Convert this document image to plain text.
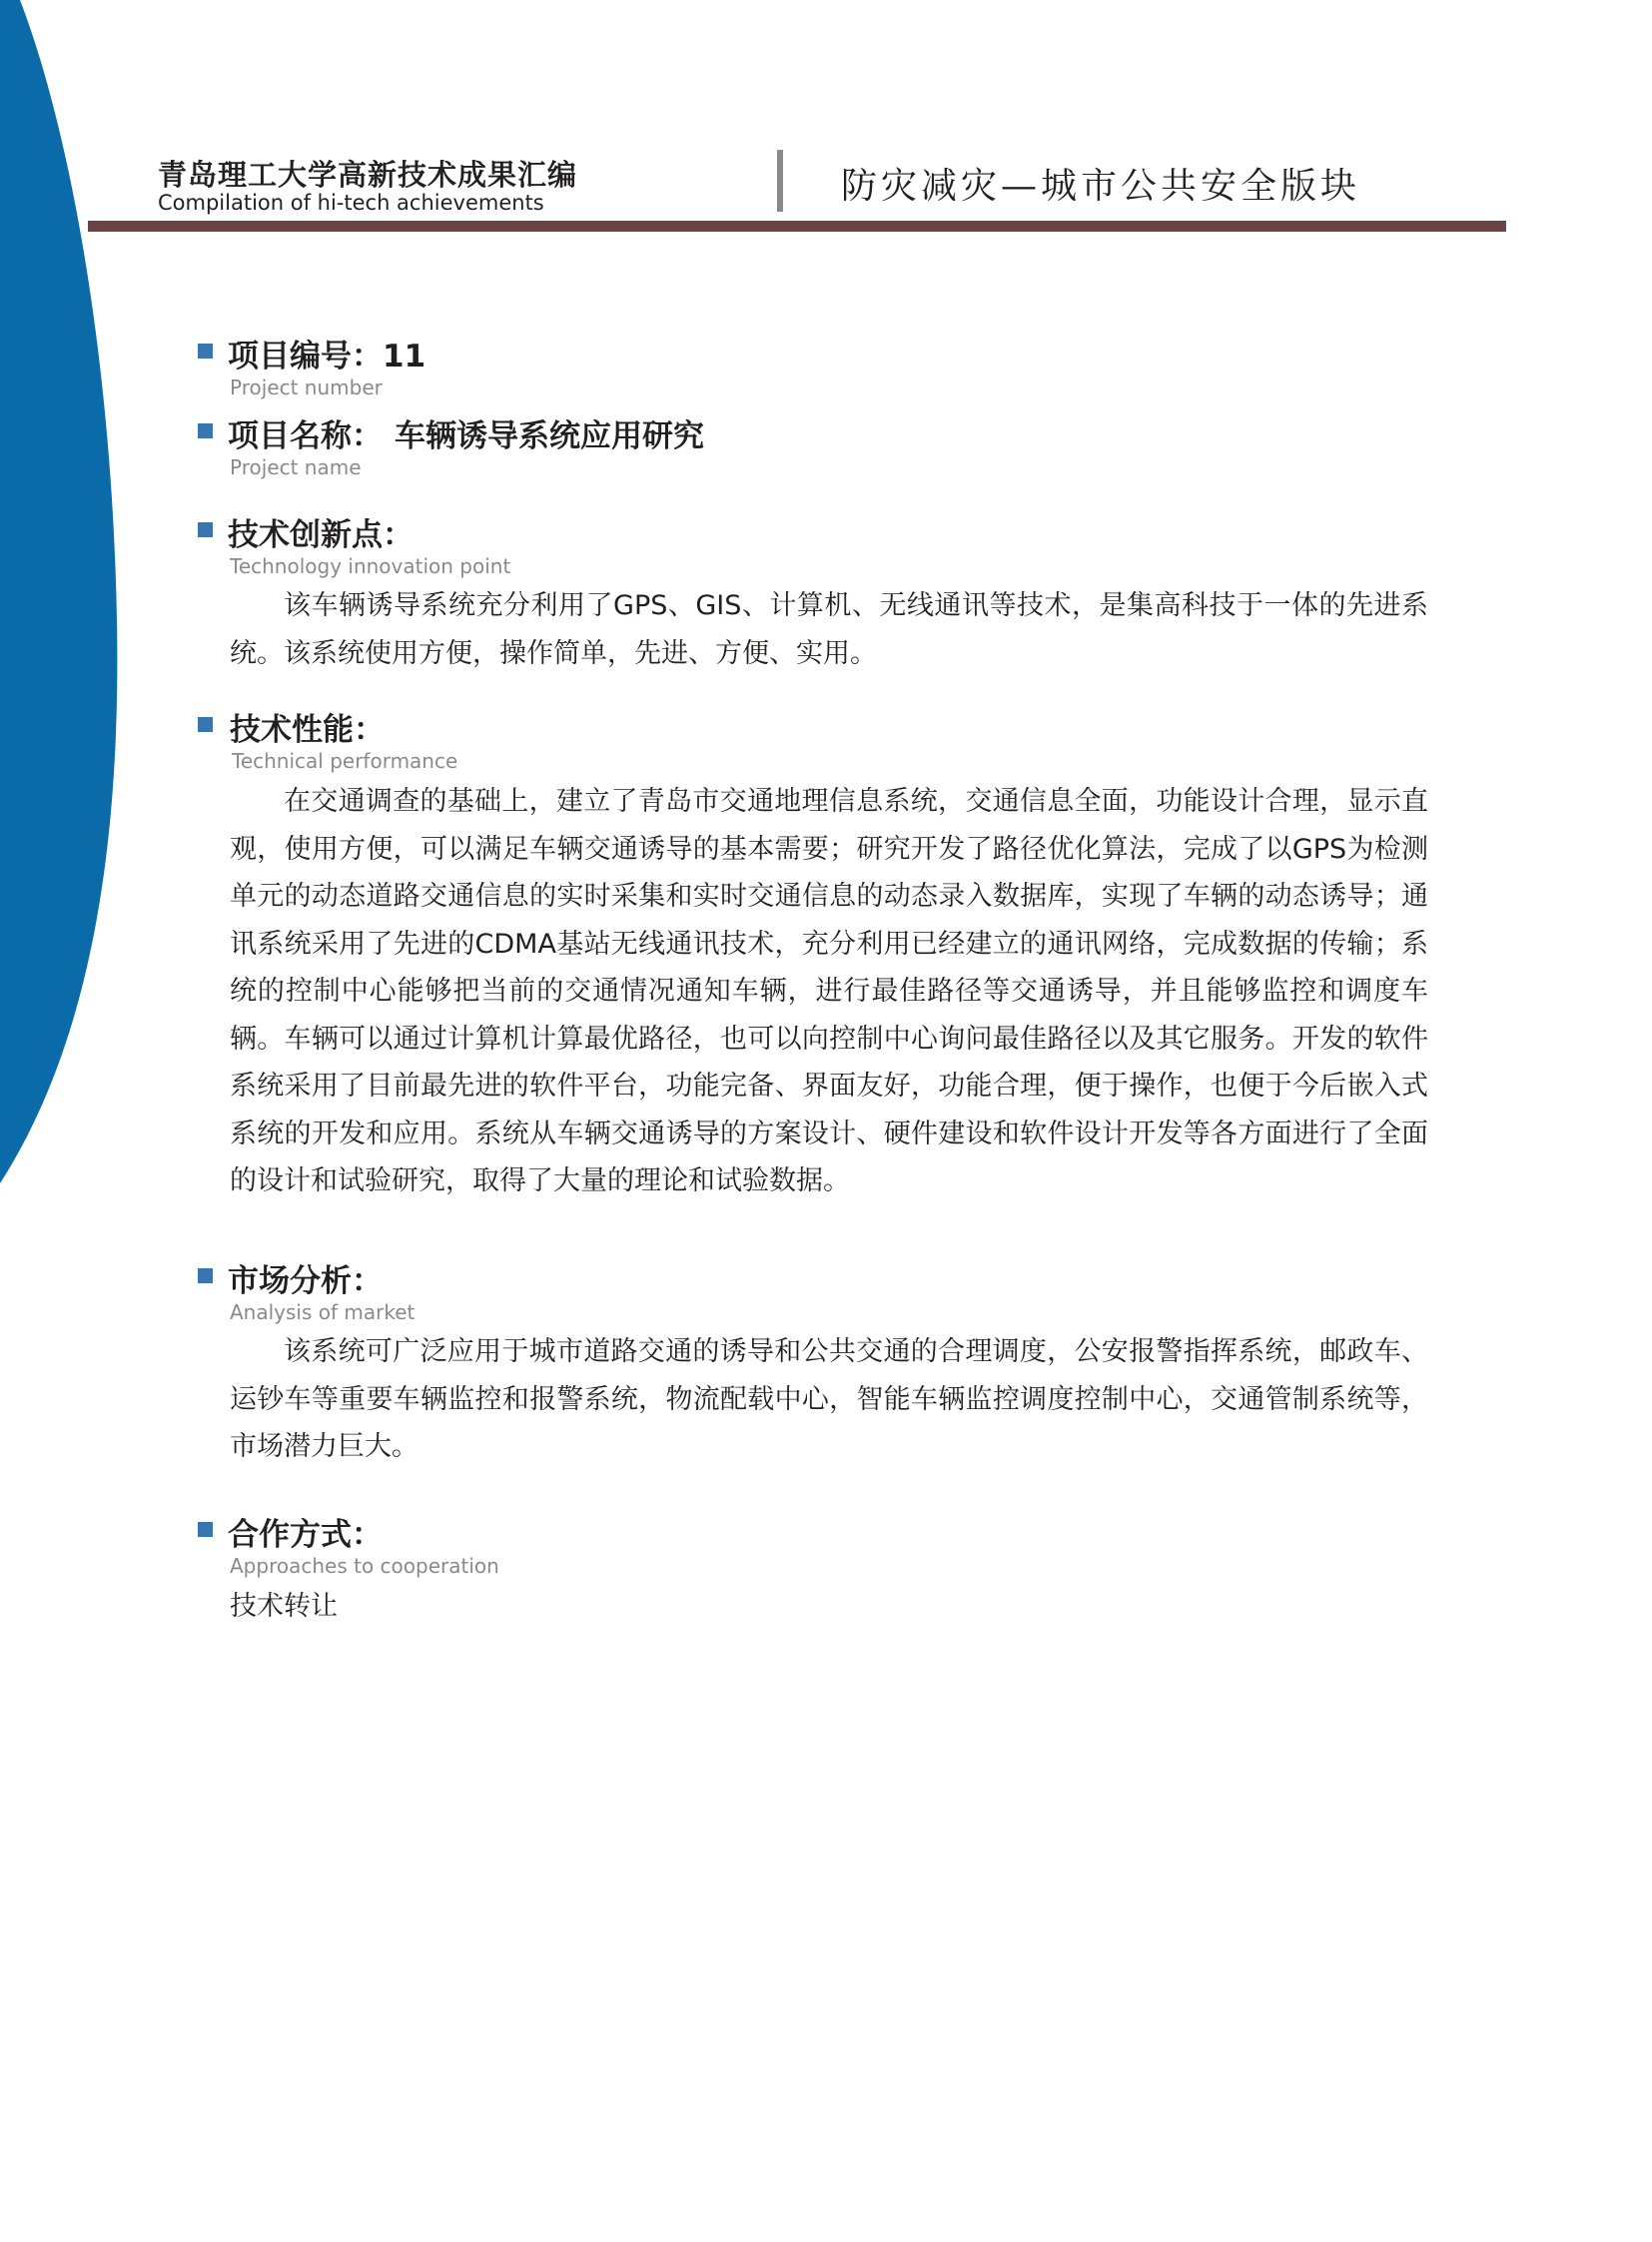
青岛理工大学高新技术成果汇编
Compilation of hi-tech achievements	防灾减灾—城市公共安全版块
项目编号：11
Project number
项目名称： 车辆诱导系统应用研究
Project name
技术创新点：
Technology innovation point

该车辆诱导系统充分利用了GPS、GIS、计算机、无线通讯等技术，是集高科技于一体的先进系统。该系统使用方便，操作简单，先进、方便、实用。

技术性能：
Technical performance

在交通调查的基础上，建立了青岛市交通地理信息系统，交通信息全面，功能设计合理，显示直观，使用方便，可以满足车辆交通诱导的基本需要；研究开发了路径优化算法，完成了以GPS为检测单元的动态道路交通信息的实时采集和实时交通信息的动态录入数据库，实现了车辆的动态诱导；通讯系统采用了先进的CDMA基站无线通讯技术，充分利用已经建立的通讯网络，完成数据的传输；系统的控制中心能够把当前的交通情况通知车辆，进行最佳路径等交通诱导，并且能够监控和调度车辆。车辆可以通过计算机计算最优路径，也可以向控制中心询问最佳路径以及其它服务。开发的软件系统采用了目前最先进的软件平台，功能完备、界面友好，功能合理，便于操作，也便于今后嵌入式系统的开发和应用。系统从车辆交通诱导的方案设计、硬件建设和软件设计开发等各方面进行了全面的设计和试验研究，取得了大量的理论和试验数据。

市场分析：
Analysis of market

该系统可广泛应用于城市道路交通的诱导和公共交通的合理调度，公安报警指挥系统，邮政车、运钞车等重要车辆监控和报警系统，物流配载中心，智能车辆监控调度控制中心，交通管制系统等，市场潜力巨大。

合作方式：
Approaches to cooperation
技术转让
